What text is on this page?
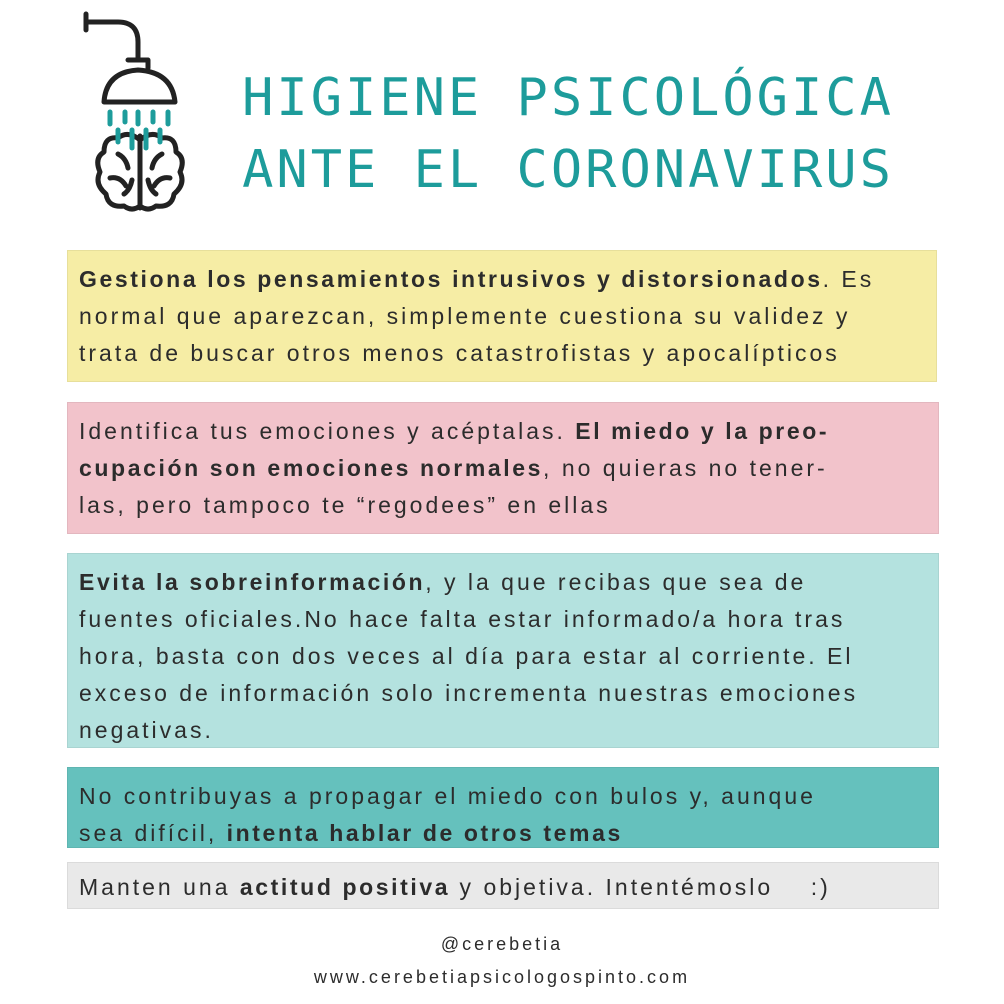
HIGIENE PSICOLÓGICA
ANTE EL CORONAVIRUS
Gestiona los pensamientos intrusivos y distorsionados. Es
normal que aparezcan, simplemente cuestiona su validez y
trata de buscar otros menos catastrofistas y apocalípticos
Identifica tus emociones y acéptalas. El miedo y la preo-
cupación son emociones normales, no quieras no tener-
las, pero tampoco te “regodees” en ellas
Evita la sobreinformación, y la que recibas que sea de
fuentes oficiales.No hace falta estar informado/a hora tras
hora, basta con dos veces al día para estar al corriente. El
exceso de información solo incrementa nuestras emociones
negativas.
No contribuyas a propagar el miedo con bulos y, aunque
sea difícil, intenta hablar de otros temas
Manten una actitud positiva y objetiva. Intentémoslo    :)
@cerebetia
www.cerebetiapsicologospinto.com
